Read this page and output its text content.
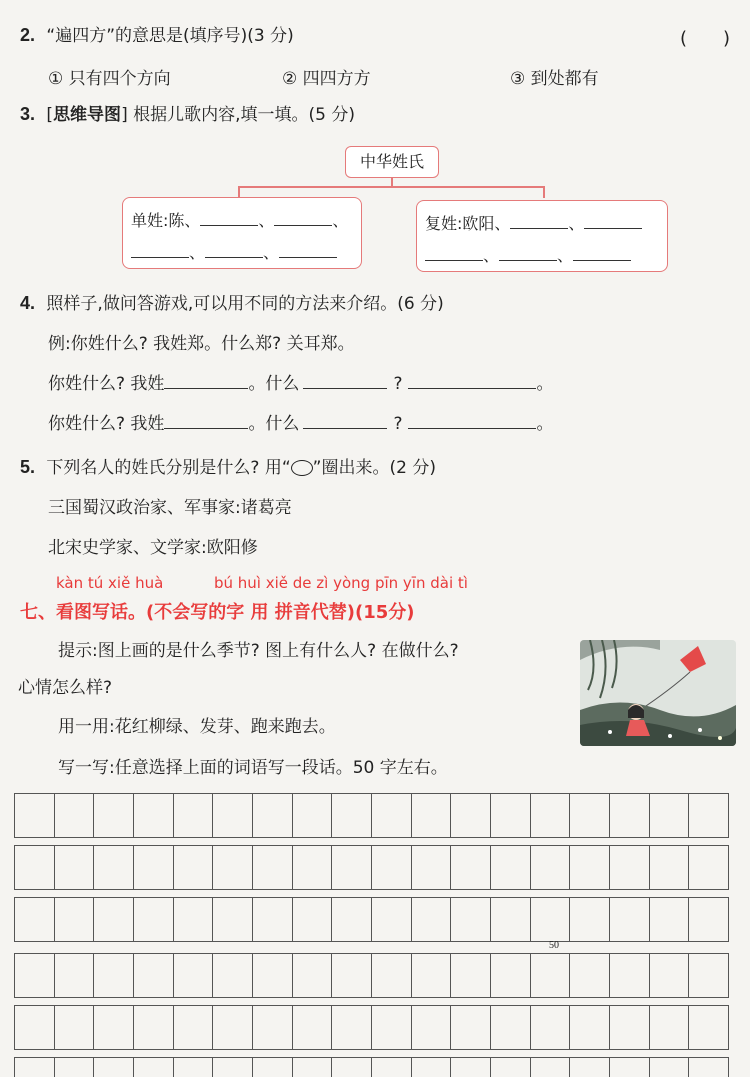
2. “遍四方”的意思是(填序号)(3 分)	(　　)
① 只有四个方向	② 四四方方	③ 到处都有
3. [思维导图] 根据儿歌内容,填一填。(5 分)
中华姓氏
单姓:陈、	、	、
、	、
复姓:欧阳、	、
、	、
4. 照样子,做问答游戏,可以用不同的方法来介绍。(6 分)
例:你姓什么? 我姓郑。什么郑? 关耳郑。
你姓什么? 我姓	。什么	?	。
你姓什么? 我姓	。什么	?	。
5. 下列名人的姓氏分别是什么? 用“ ”圈出来。(2 分)
三国蜀汉政治家、军事家:诸葛亮
北宋史学家、文学家:欧阳修
kàn tú xiě huà	bú huì xiě de zì yòng pīn yīn dài tì
七、看图写话。(不会写的字 用 拼音代替)(15分)
提示:图上画的是什么季节? 图上有什么人? 在做什么?
心情怎么样?
用一用:花红柳绿、发芽、跑来跑去。
写一写:任意选择上面的词语写一段话。50 字左右。
50
